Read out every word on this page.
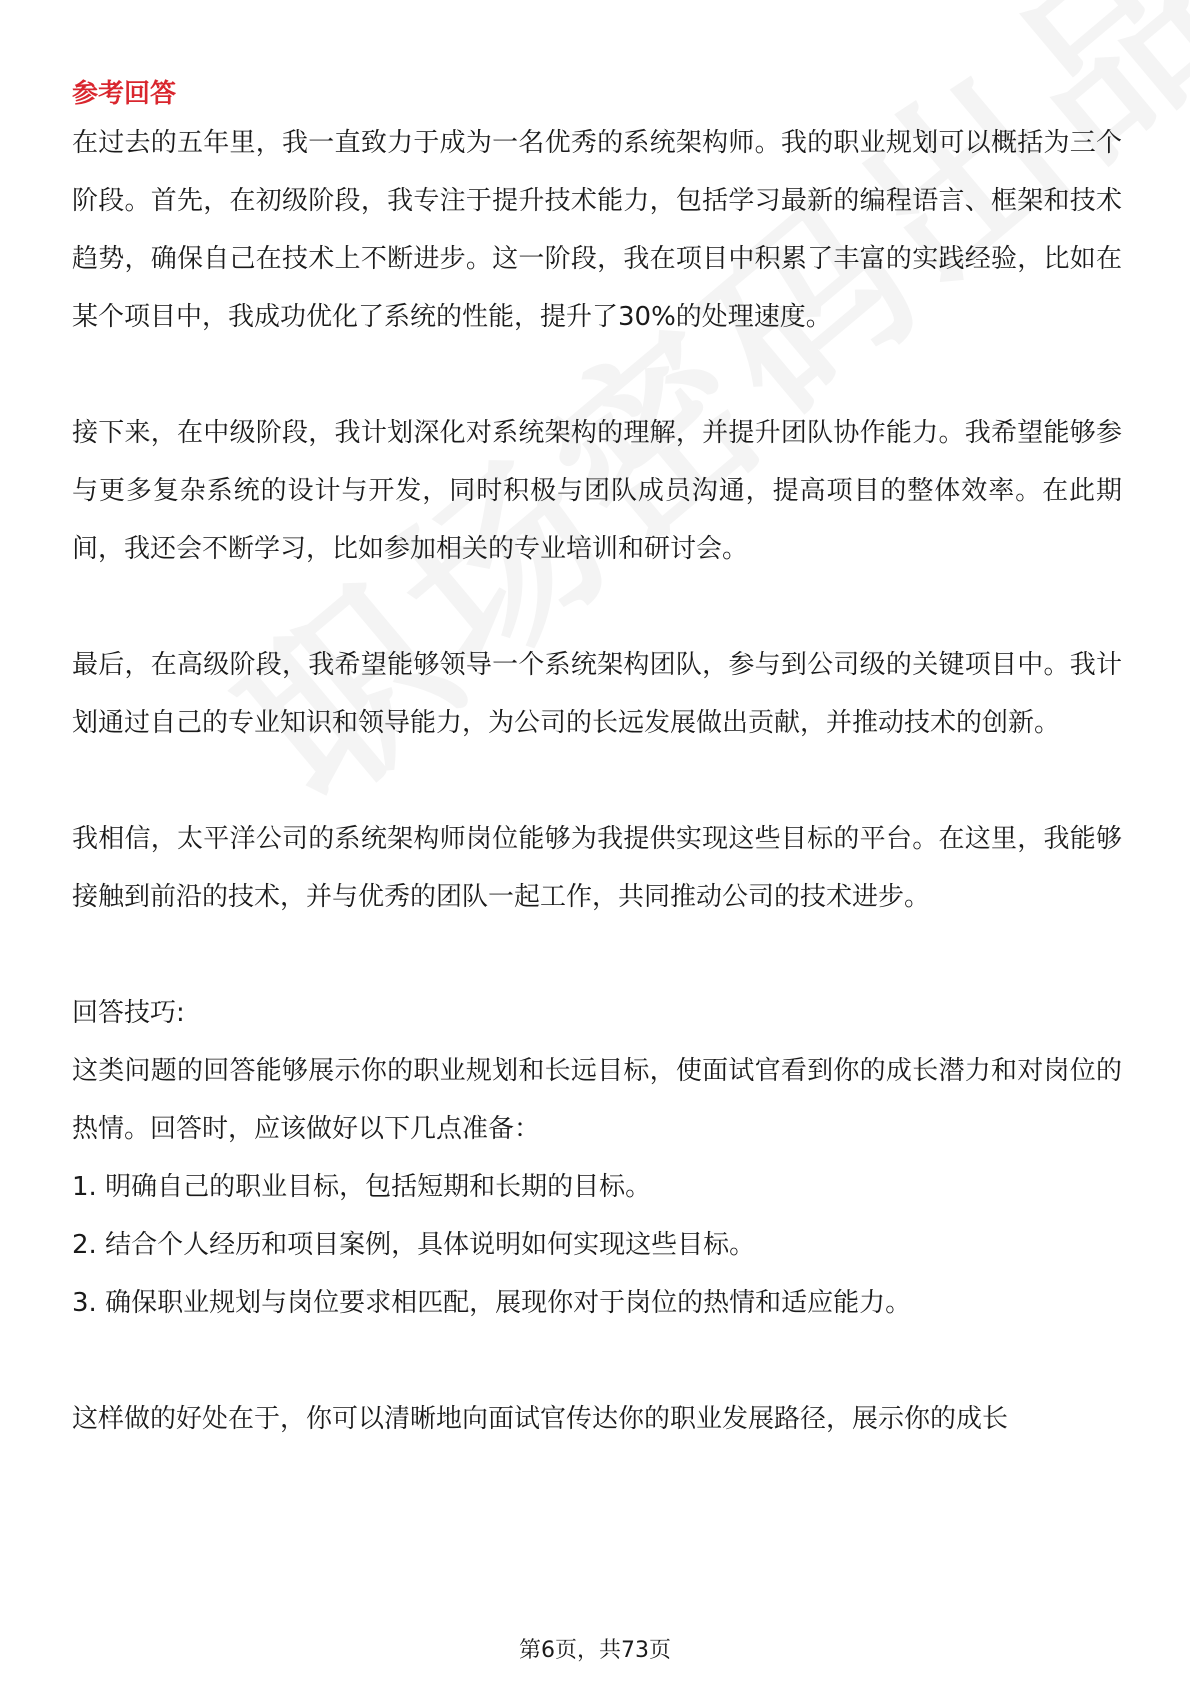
参考回答

在过去的五年里，我一直致力于成为一名优秀的系统架构师。我的职业规划可以概括为三个阶段。首先，在初级阶段，我专注于提升技术能力，包括学习最新的编程语言、框架和技术趋势，确保自己在技术上不断进步。这一阶段，我在项目中积累了丰富的实践经验，比如在某个项目中，我成功优化了系统的性能，提升了30%的处理速度。

接下来，在中级阶段，我计划深化对系统架构的理解，并提升团队协作能力。我希望能够参与更多复杂系统的设计与开发，同时积极与团队成员沟通，提高项目的整体效率。在此期间，我还会不断学习，比如参加相关的专业培训和研讨会。

最后，在高级阶段，我希望能够领导一个系统架构团队，参与到公司级的关键项目中。我计划通过自己的专业知识和领导能力，为公司的长远发展做出贡献，并推动技术的创新。

我相信，太平洋公司的系统架构师岗位能够为我提供实现这些目标的平台。在这里，我能够接触到前沿的技术，并与优秀的团队一起工作，共同推动公司的技术进步。

回答技巧:

这类问题的回答能够展示你的职业规划和长远目标，使面试官看到你的成长潜力和对岗位的热情。回答时，应该做好以下几点准备：

1. 明确自己的职业目标，包括短期和长期的目标。

2. 结合个人经历和项目案例，具体说明如何实现这些目标。

3. 确保职业规划与岗位要求相匹配，展现你对于岗位的热情和适应能力。

这样做的好处在于，你可以清晰地向面试官传达你的职业发展路径，展示你的成长

第6页，共73页
